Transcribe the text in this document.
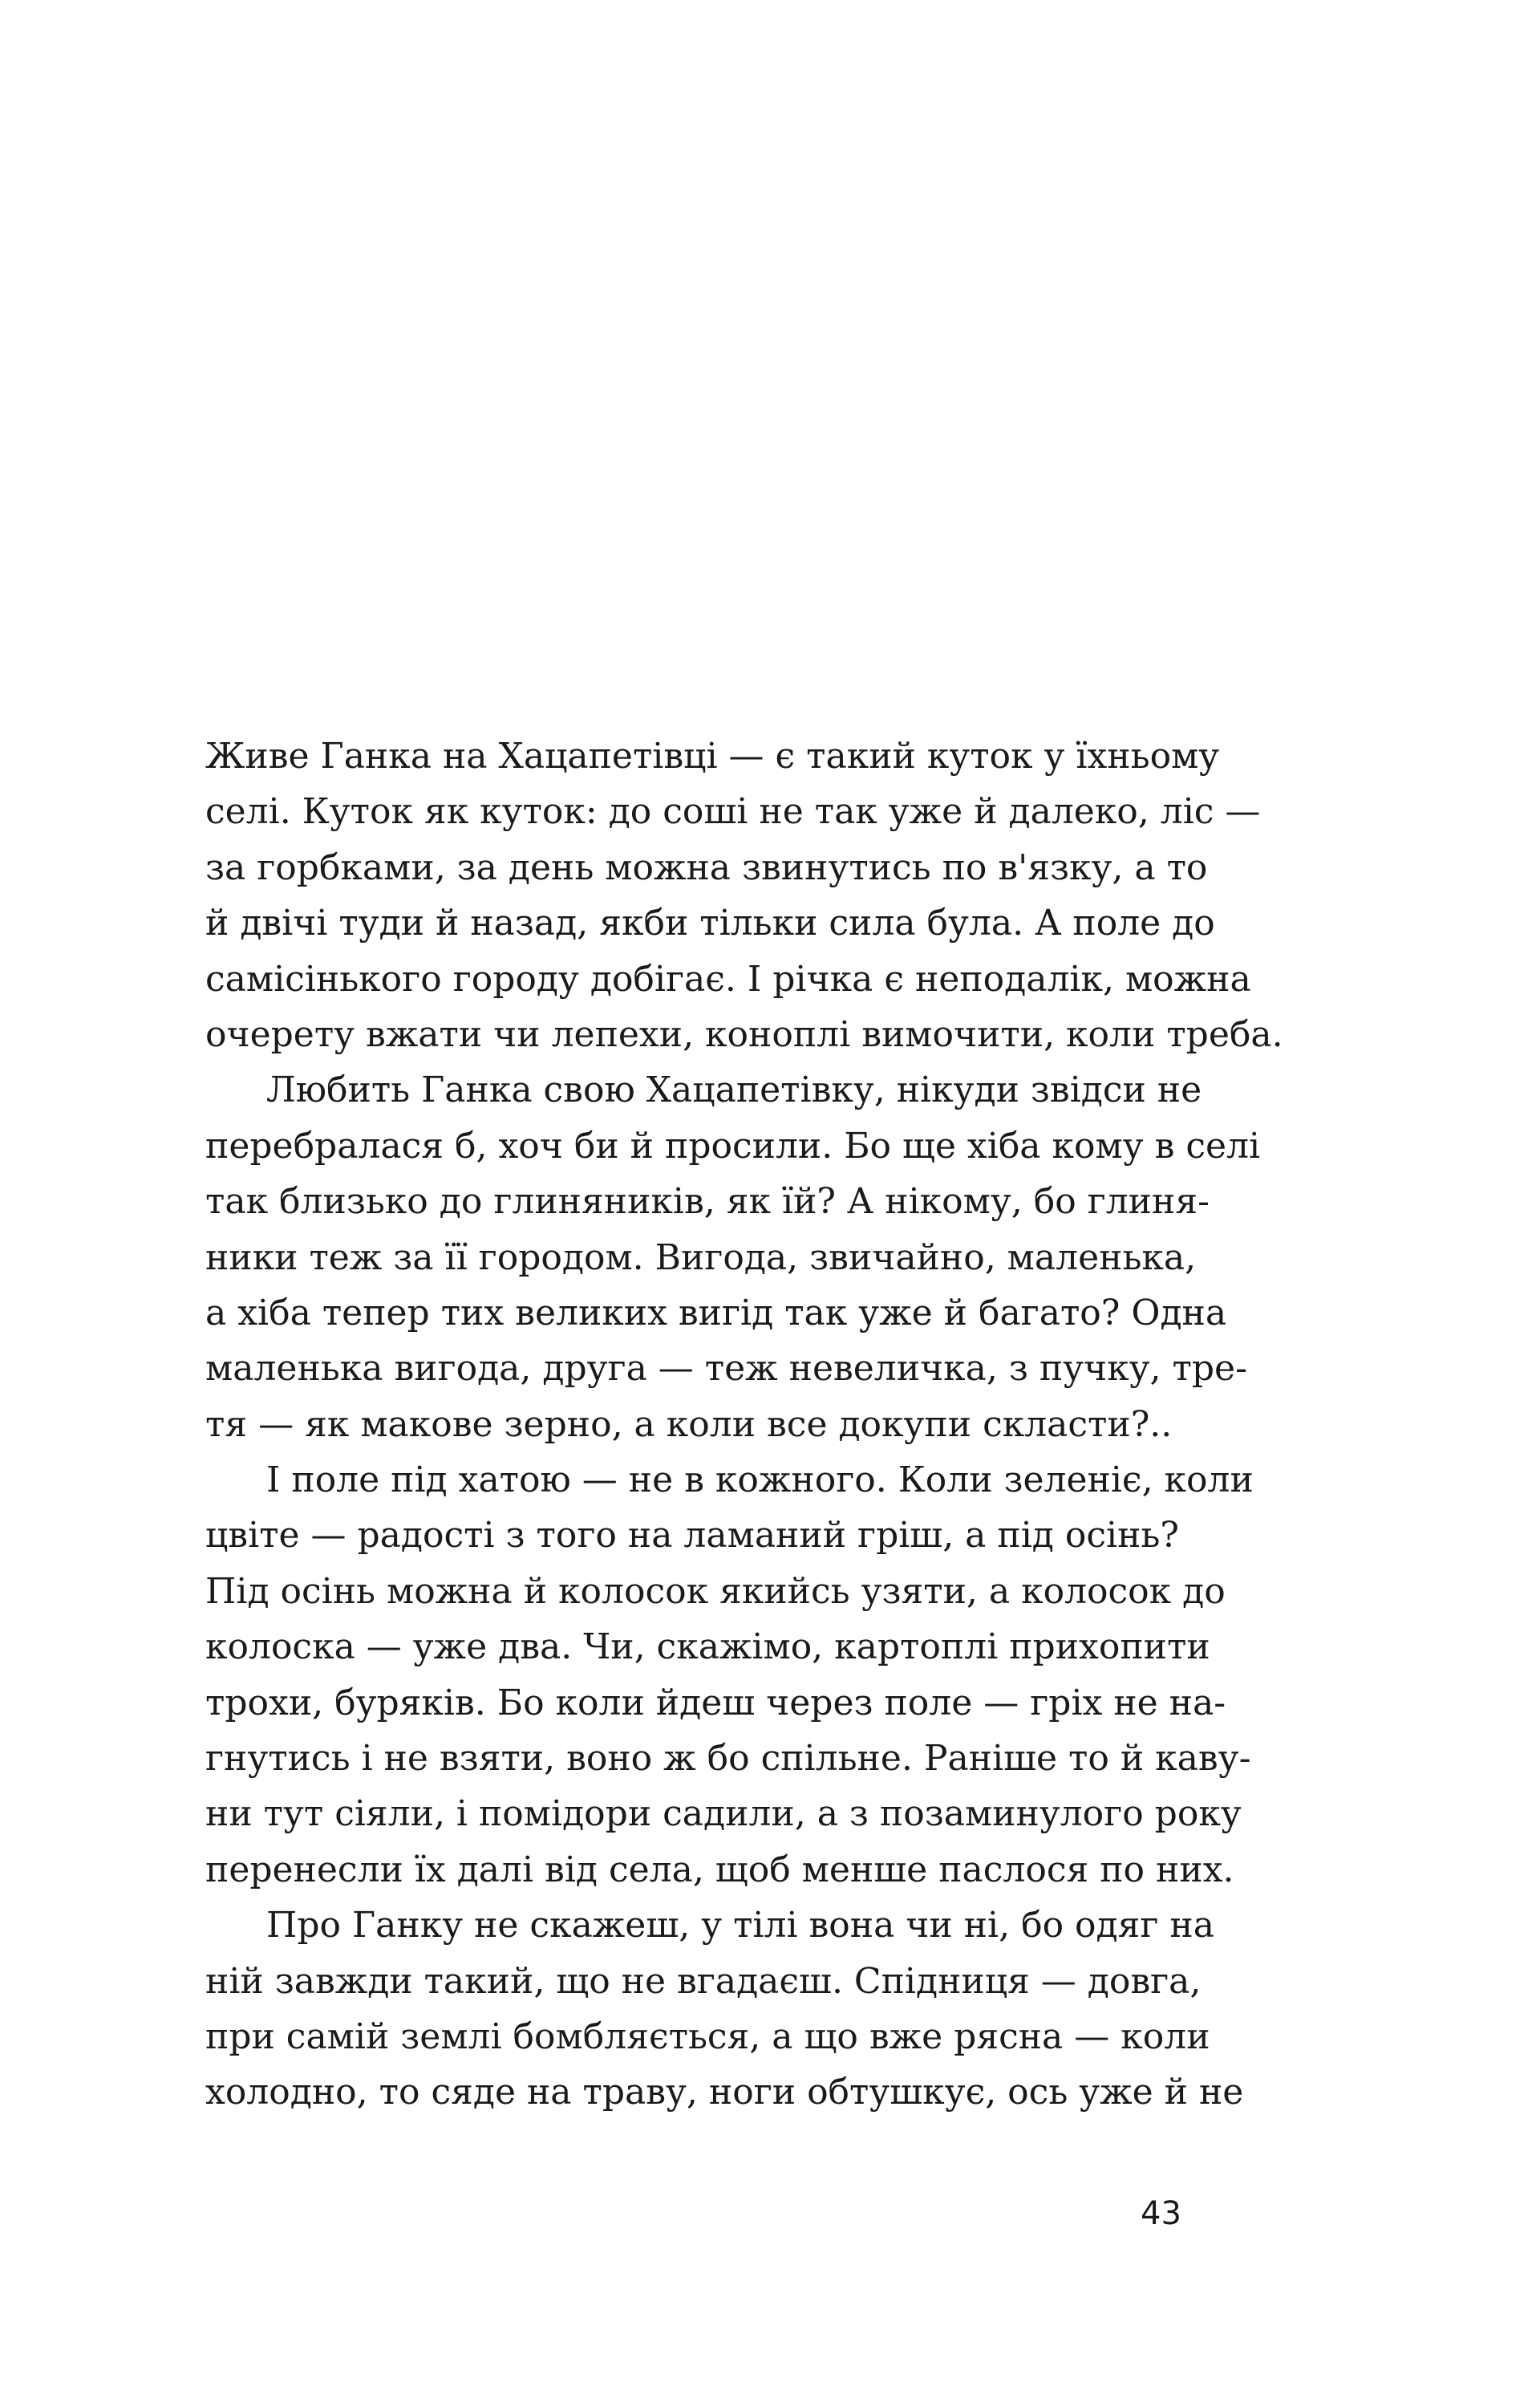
Живе Ганка на Хацапетівці — є такий куток у їхньому
селі. Куток як куток: до соші не так уже й далеко, ліс —
за горбками, за день можна звинутись по в'язку, а то
й двічі туди й назад, якби тільки сила була. А поле до
самісінького городу добігає. І річка є неподалік, можна
очерету вжати чи лепехи, коноплі вимочити, коли треба.
Любить Ганка свою Хацапетівку, нікуди звідси не
перебралася б, хоч би й просили. Бо ще хіба кому в селі
так близько до глиняників, як їй? А нікому, бо глиня-
ники теж за її городом. Вигода, звичайно, маленька,
а хіба тепер тих великих вигід так уже й багато? Одна
маленька вигода, друга — теж невеличка, з пучку, тре-
тя — як макове зерно, а коли все докупи скласти?..
І поле під хатою — не в кожного. Коли зеленіє, коли
цвіте — радості з того на ламаний гріш, а під осінь?
Під осінь можна й колосок якийсь узяти, а колосок до
колоска — уже два. Чи, скажімо, картоплі прихопити
трохи, буряків. Бо коли йдеш через поле — гріх не на-
гнутись і не взяти, воно ж бо спільне. Раніше то й каву-
ни тут сіяли, і помідори садили, а з позаминулого року
перенесли їх далі від села, щоб менше паслося по них.
Про Ганку не скажеш, у тілі вона чи ні, бо одяг на
ній завжди такий, що не вгадаєш. Спідниця — довга,
при самій землі бомбляється, а що вже рясна — коли
холодно, то сяде на траву, ноги обтушкує, ось уже й не
43
